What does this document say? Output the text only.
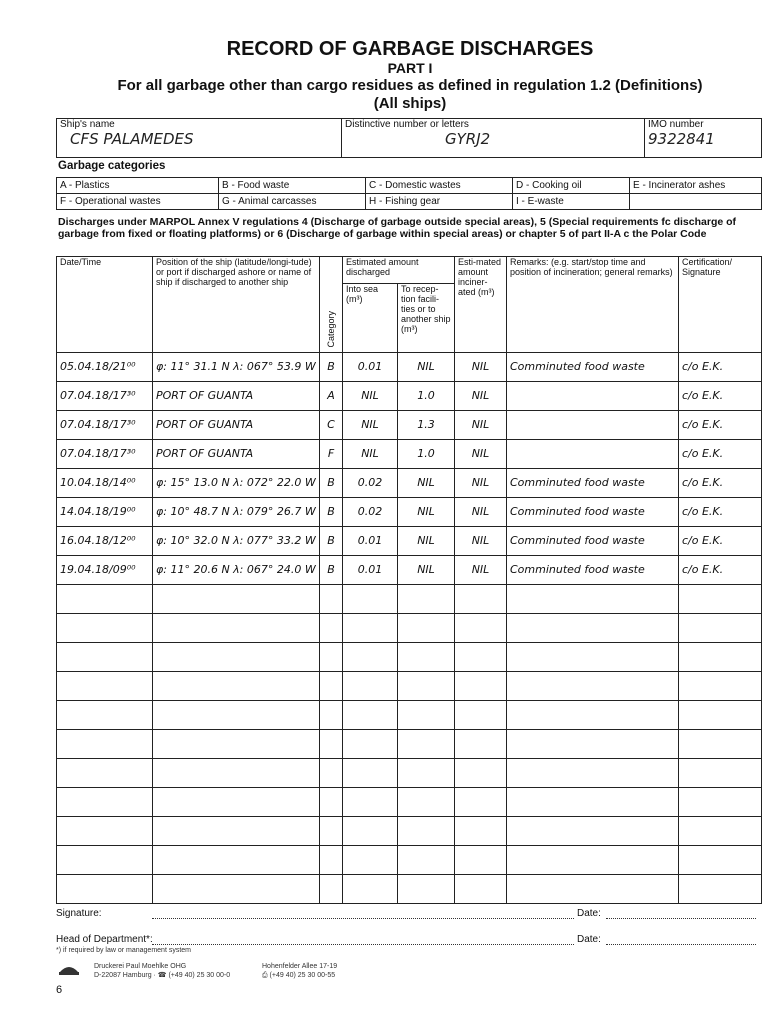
RECORD OF GARBAGE DISCHARGES
PART I
For all garbage other than cargo residues as defined in regulation 1.2 (Definitions)
(All ships)
Ship's name
CFS PALAMEDES

Distinctive number or letters
GYRJ2

IMO number
9322841
Garbage categories
A - Plastics	B - Food waste	C - Domestic wastes	D - Cooking oil	E - Incinerator ashes
F - Operational wastes	G - Animal carcasses	H - Fishing gear	I - E-waste	
Discharges under MARPOL Annex V regulations 4 (Discharge of garbage outside special areas), 5 (Special requirements fc discharge of garbage from fixed or floating platforms) or 6 (Discharge of garbage within special areas) or chapter 5 of part II-A c the Polar Code
Date/Time	Position of the ship (latitude/longi-tude) or port if discharged ashore or name of ship if discharged to another ship	Category	Estimated amount discharged		Esti-mated amount inciner-ated (m³)	Remarks: (e.g. start/stop time and position of incineration; general remarks)	Certification/ Signature
			Into sea (m³)	To recep-tion facili-ties or to another ship (m³)			
05.04.18/21⁰⁰	φ: 11° 31.1 N λ: 067° 53.9 W	B	0.01	NIL	NIL	Comminuted food waste	c/o E.K.
07.04.18/17³⁰	PORT OF GUANTA	A	NIL	1.0	NIL		c/o E.K.
07.04.18/17³⁰	PORT OF GUANTA	C	NIL	1.3	NIL		c/o E.K.
07.04.18/17³⁰	PORT OF GUANTA	F	NIL	1.0	NIL		c/o E.K.
10.04.18/14⁰⁰	φ: 15° 13.0 N λ: 072° 22.0 W	B	0.02	NIL	NIL	Comminuted food waste	c/o E.K.
14.04.18/19⁰⁰	φ: 10° 48.7 N λ: 079° 26.7 W	B	0.02	NIL	NIL	Comminuted food waste	c/o E.K.
16.04.18/12⁰⁰	φ: 10° 32.0 N λ: 077° 33.2 W	B	0.01	NIL	NIL	Comminuted food waste	c/o E.K.
19.04.18/09⁰⁰	φ: 11° 20.6 N λ: 067° 24.0 W	B	0.01	NIL	NIL	Comminuted food waste	c/o E.K.

Signature:	Date:
Head of Department*:	Date:
*) if required by law or management system
Druckerei Paul Moehlke OHG
D-22087 Hamburg · ☎ (+49 40) 25 30 00-0
Hohenfelder Allee 17-19
⎙ (+49 40) 25 30 00-55
6
